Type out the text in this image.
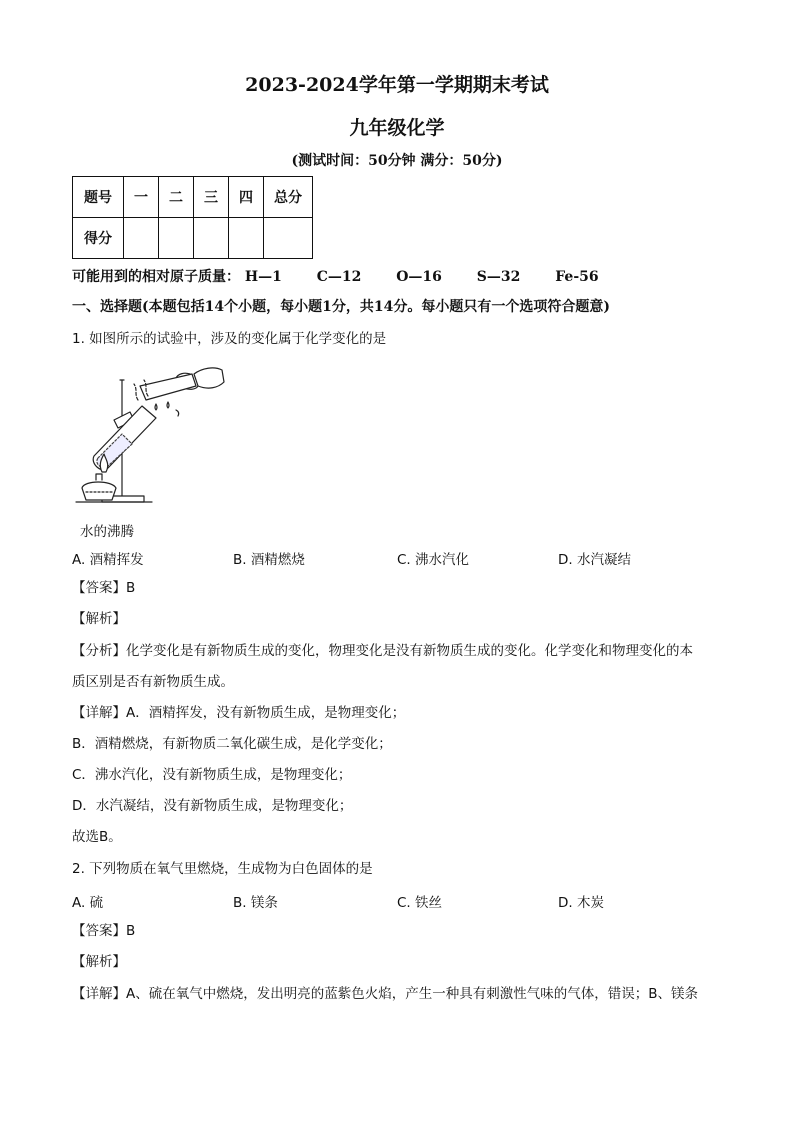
2023-2024学年第一学期期末考试
九年级化学
(测试时间：50分钟 满分：50分)
题号	一	二	三	四	总分
得分					
可能用到的相对原子质量： H—1 C—12 O—16 S—32 Fe-56
一、选择题(本题包括14个小题，每小题1分，共14分。每小题只有一个选项符合题意)
1. 如图所示的试验中，涉及的变化属于化学变化的是
水的沸腾
A. 酒精挥发	B. 酒精燃烧	C. 沸水汽化	D. 水汽凝结
【答案】B
【解析】
【分析】化学变化是有新物质生成的变化，物理变化是没有新物质生成的变化。化学变化和物理变化的本
质区别是否有新物质生成。
【详解】A．酒精挥发，没有新物质生成，是物理变化；
B．酒精燃烧，有新物质二氧化碳生成，是化学变化；
C．沸水汽化，没有新物质生成，是物理变化；
D．水汽凝结，没有新物质生成，是物理变化；
故选B。
2. 下列物质在氧气里燃烧，生成物为白色固体的是
A. 硫	B. 镁条	C. 铁丝	D. 木炭
【答案】B
【解析】
【详解】A、硫在氧气中燃烧，发出明亮的蓝紫色火焰，产生一种具有刺激性气味的气体，错误；B、镁条
